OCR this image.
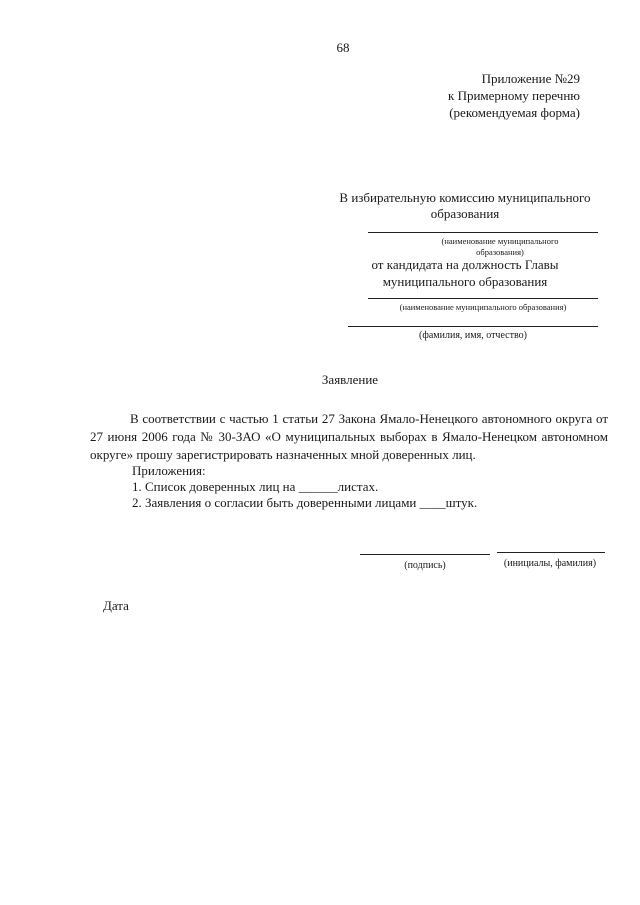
68
Приложение №29
к Примерному перечню
(рекомендуемая форма)
В избирательную комиссию муниципального
образования
(наименование муниципального
образования)
от кандидата на должность Главы
муниципального образования
(наименование муниципального образования)
(фамилия, имя, отчество)
Заявление
В соответствии с частью 1 статьи 27 Закона Ямало-Ненецкого автономного округа от 27 июня 2006 года № 30-ЗАО «О муниципальных выборах в Ямало-Ненецком автономном округе» прошу зарегистрировать назначенных мной доверенных лиц.
Приложения:
1. Список доверенных лиц на ______листах.
2. Заявления о согласии быть доверенными лицами ____штук.
(подпись)	(инициалы, фамилия)
Дата
